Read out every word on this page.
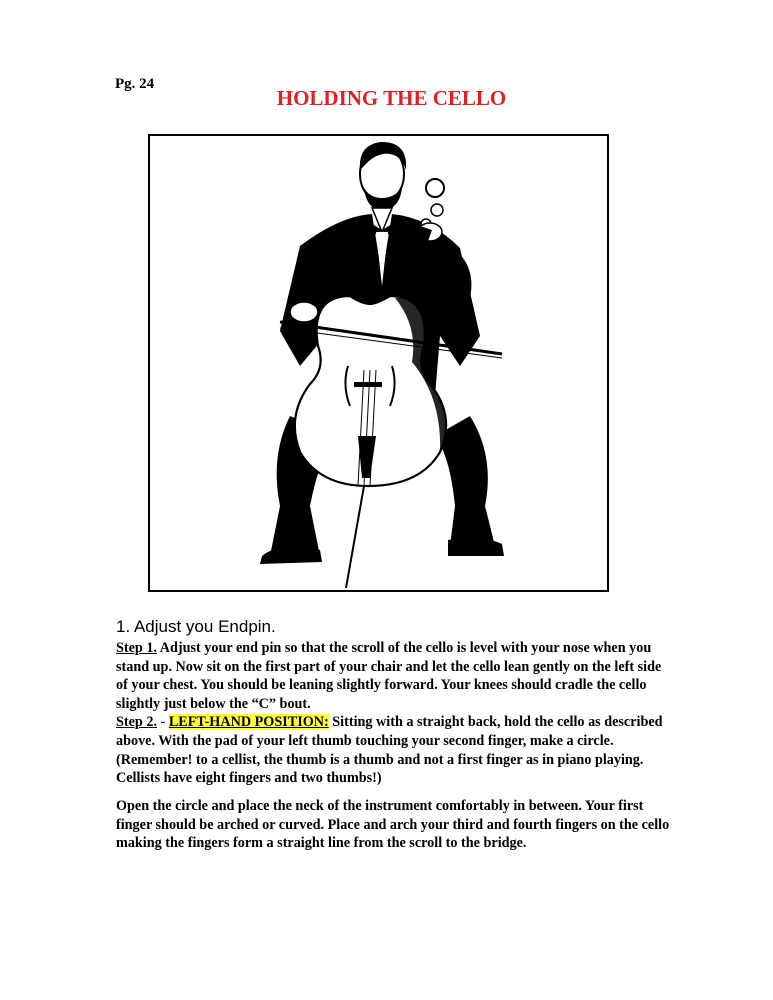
Pg. 24
HOLDING THE CELLO
1. Adjust you Endpin.

Step 1. Adjust your end pin so that the scroll of the cello is level with your nose when you stand up. Now sit on the first part of your chair and let the cello lean gently on the left side of your chest. You should be leaning slightly forward. Your knees should cradle the cello slightly just below the “C” bout.

Step 2. - LEFT-HAND POSITION: Sitting with a straight back, hold the cello as described above. With the pad of your left thumb touching your second finger, make a circle. (Remember! to a cellist, the thumb is a thumb and not a first finger as in piano playing. Cellists have eight fingers and two thumbs!)

Open the circle and place the neck of the instrument comfortably in between. Your first finger should be arched or curved. Place and arch your third and fourth fingers on the cello making the fingers form a straight line from the scroll to the bridge.
